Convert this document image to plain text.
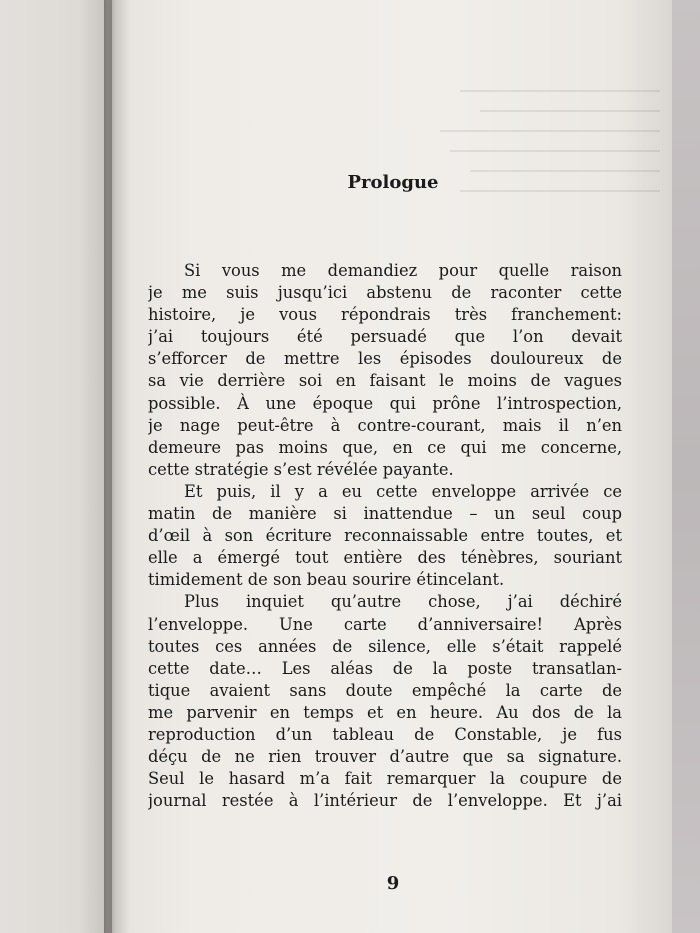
Prologue

Si vous me demandiez pour quelle raison
je me suis jusqu’ici abstenu de raconter cette
histoire, je vous répondrais très franchement:
j’ai toujours été persuadé que l’on devait
s’efforcer de mettre les épisodes douloureux de
sa vie derrière soi en faisant le moins de vagues
possible. À une époque qui prône l’introspection,
je nage peut-être à contre-courant, mais il n’en
demeure pas moins que, en ce qui me concerne,
cette stratégie s’est révélée payante.

Et puis, il y a eu cette enveloppe arrivée ce
matin de manière si inattendue – un seul coup
d’œil à son écriture reconnaissable entre toutes, et
elle a émergé tout entière des ténèbres, souriant
timidement de son beau sourire étincelant.

Plus inquiet qu’autre chose, j’ai déchiré
l’enveloppe. Une carte d’anniversaire! Après
toutes ces années de silence, elle s’était rappelé
cette date… Les aléas de la poste transatlan-
tique avaient sans doute empêché la carte de
me parvenir en temps et en heure. Au dos de la
reproduction d’un tableau de Constable, je fus
déçu de ne rien trouver d’autre que sa signature.
Seul le hasard m’a fait remarquer la coupure de
journal restée à l’intérieur de l’enveloppe. Et j’ai

9
